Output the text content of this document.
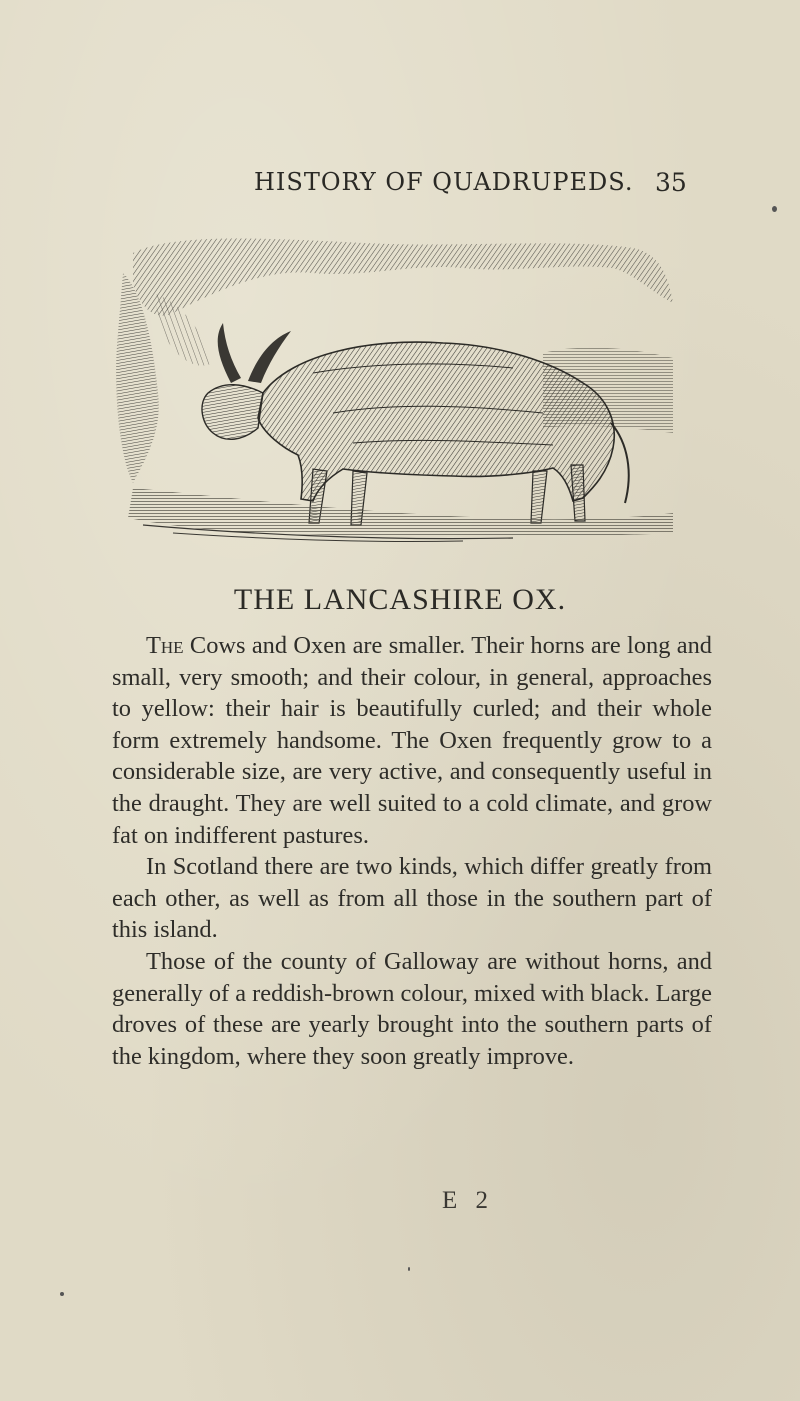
HISTORY OF QUADRUPEDS. 35
THE LANCASHIRE OX.

The Cows and Oxen are smaller. Their horns are long and small, very smooth; and their colour, in general, approaches to yellow: their hair is beautifully curled; and their whole form extremely handsome. The Oxen frequently grow to a considerable size, are very active, and consequently useful in the draught. They are well suited to a cold climate, and grow fat on indifferent pastures.

In Scotland there are two kinds, which differ greatly from each other, as well as from all those in the southern part of this island.

Those of the county of Galloway are without horns, and generally of a reddish-brown colour, mixed with black. Large droves of these are yearly brought into the southern parts of the kingdom, where they soon greatly improve.

E 2
